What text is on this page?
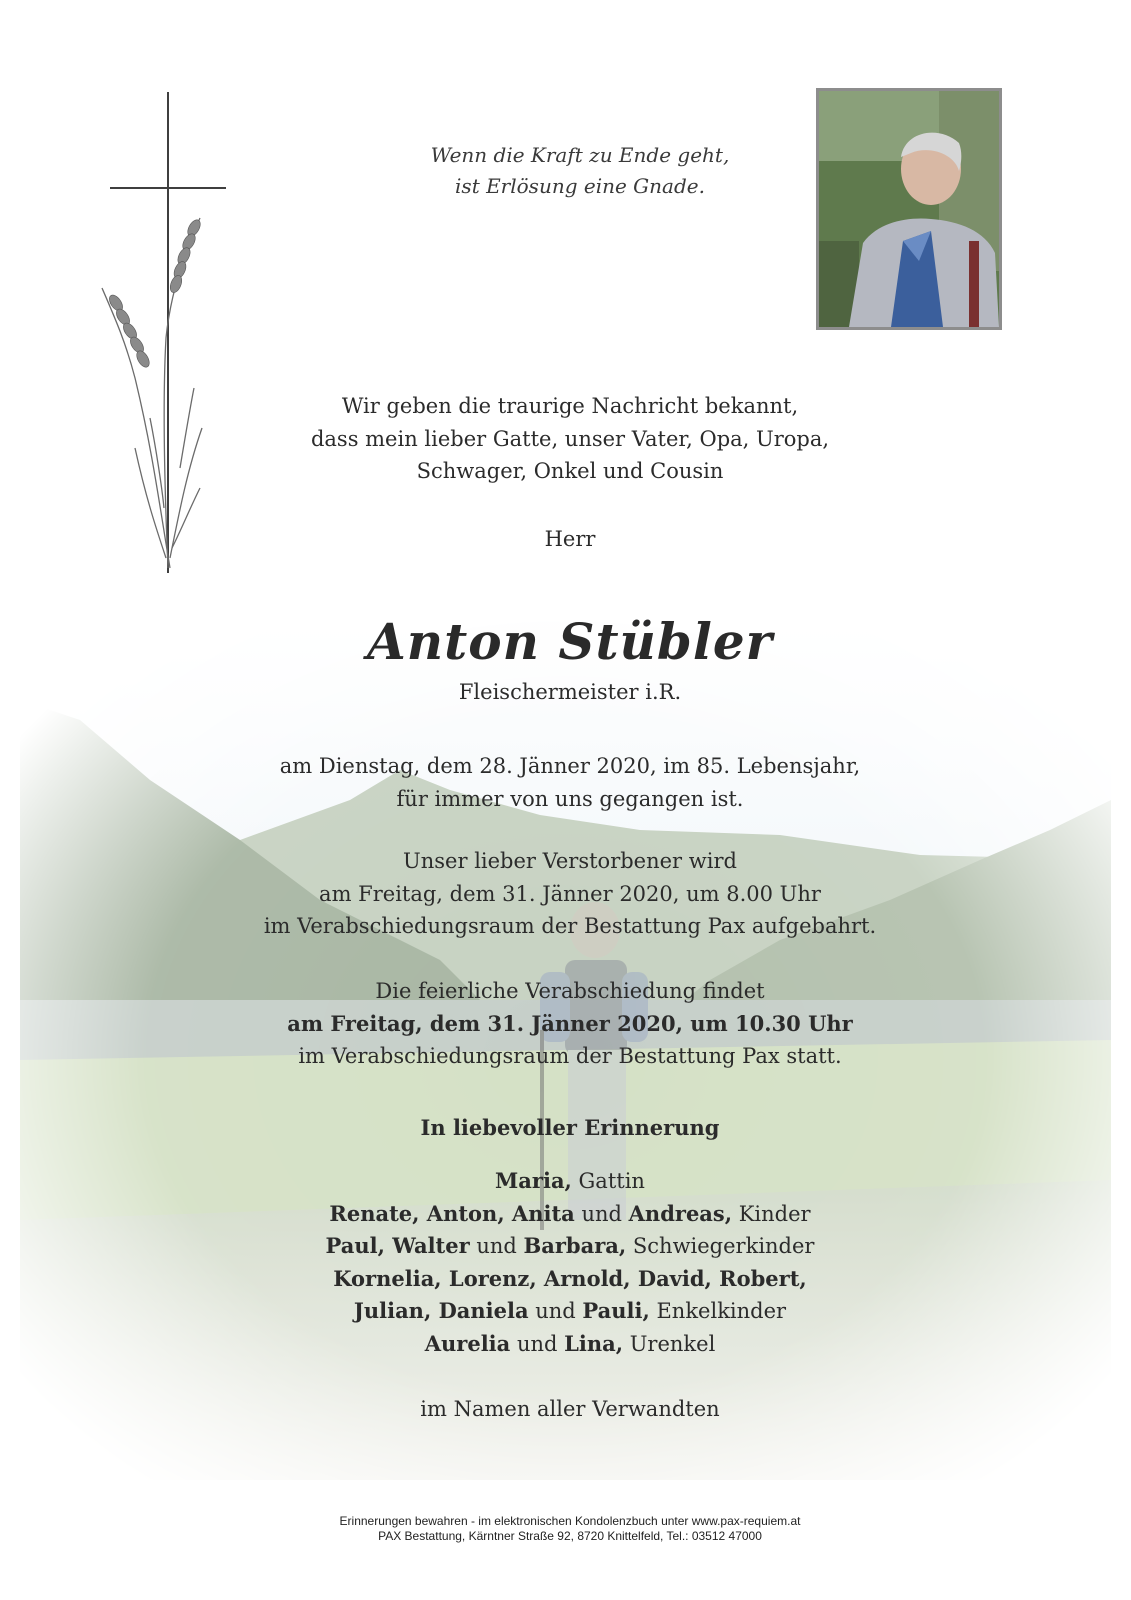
Wenn die Kraft zu Ende geht,
ist Erlösung eine Gnade.
Wir geben die traurige Nachricht bekannt,
dass mein lieber Gatte, unser Vater, Opa, Uropa,
Schwager, Onkel und Cousin
Herr
Anton Stübler
Fleischermeister i.R.
am Dienstag, dem 28. Jänner 2020, im 85. Lebensjahr,
für immer von uns gegangen ist.
Unser lieber Verstorbener wird
am Freitag, dem 31. Jänner 2020, um 8.00 Uhr
im Verabschiedungsraum der Bestattung Pax aufgebahrt.
Die feierliche Verabschiedung findet
am Freitag, dem 31. Jänner 2020, um 10.30 Uhr
im Verabschiedungsraum der Bestattung Pax statt.
In liebevoller Erinnerung
Maria, Gattin
Renate, Anton, Anita und Andreas, Kinder
Paul, Walter und Barbara, Schwiegerkinder
Kornelia, Lorenz, Arnold, David, Robert,
Julian, Daniela und Pauli, Enkelkinder
Aurelia und Lina, Urenkel
im Namen aller Verwandten
Erinnerungen bewahren - im elektronischen Kondolenzbuch unter www.pax-requiem.at
PAX Bestattung, Kärntner Straße 92, 8720 Knittelfeld, Tel.: 03512 47000
